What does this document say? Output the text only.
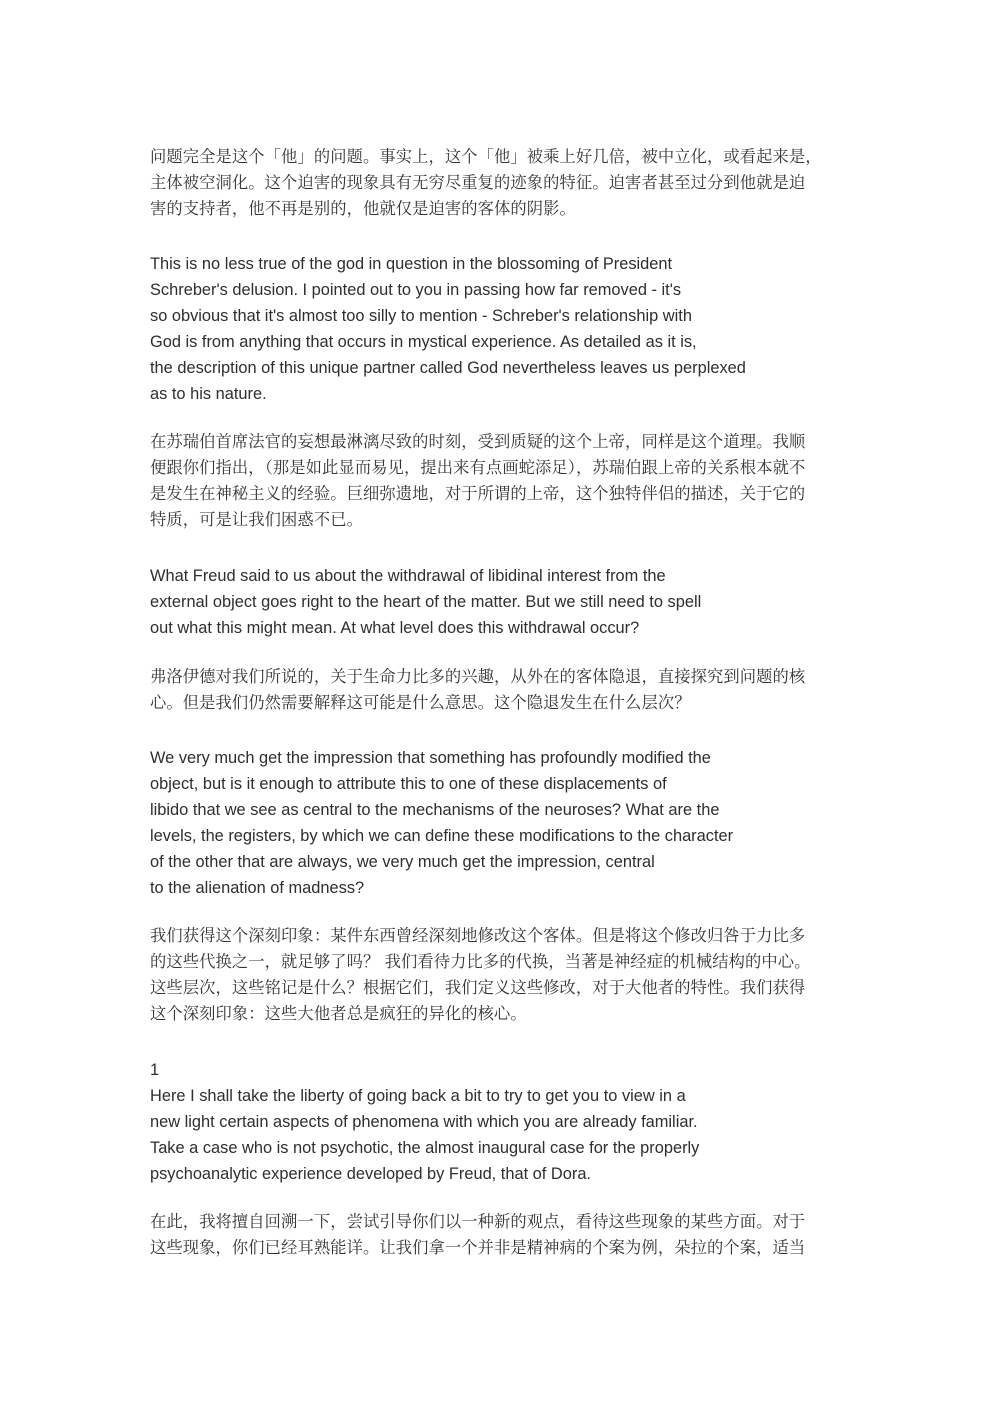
问题完全是这个「他」的问题。事实上，这个「他」被乘上好几倍，被中立化，或看起来是，
主体被空洞化。这个迫害的现象具有无穷尽重复的迹象的特征。迫害者甚至过分到他就是迫
害的支持者，他不再是别的，他就仅是迫害的客体的阴影。
This is no less true of the god in question in the blossoming of President
Schreber's delusion. I pointed out to you in passing how far removed - it's
so obvious that it's almost too silly to mention - Schreber's relationship with
God is from anything that occurs in mystical experience. As detailed as it is,
the description of this unique partner called God nevertheless leaves us perplexed
as to his nature.
在苏瑞伯首席法官的妄想最淋漓尽致的时刻，受到质疑的这个上帝，同样是这个道理。我顺
便跟你们指出，（那是如此显而易见，提出来有点画蛇添足），苏瑞伯跟上帝的关系根本就不
是发生在神秘主义的经验。巨细弥遗地，对于所谓的上帝，这个独特伴侣的描述，关于它的
特质，可是让我们困惑不已。
What Freud said to us about the withdrawal of libidinal interest from the
external object goes right to the heart of the matter. But we still need to spell
out what this might mean. At what level does this withdrawal occur?
弗洛伊德对我们所说的，关于生命力比多的兴趣，从外在的客体隐退，直接探究到问题的核
心。但是我们仍然需要解释这可能是什么意思。这个隐退发生在什么层次？
We very much get the impression that something has profoundly modified the
object, but is it enough to attribute this to one of these displacements of
libido that we see as central to the mechanisms of the neuroses? What are the
levels, the registers, by which we can define these modifications to the character
of the other that are always, we very much get the impression, central
to the alienation of madness?
我们获得这个深刻印象：某件东西曾经深刻地修改这个客体。但是将这个修改归咎于力比多
的这些代换之一，就足够了吗？ 我们看待力比多的代换，当著是神经症的机械结构的中心。
这些层次，这些铭记是什么？根据它们，我们定义这些修改，对于大他者的特性。我们获得
这个深刻印象：这些大他者总是疯狂的异化的核心。
1
Here I shall take the liberty of going back a bit to try to get you to view in a
new light certain aspects of phenomena with which you are already familiar.
Take a case who is not psychotic, the almost inaugural case for the properly
psychoanalytic experience developed by Freud, that of Dora.
在此，我将擅自回溯一下，尝试引导你们以一种新的观点，看待这些现象的某些方面。对于
这些现象，你们已经耳熟能详。让我们拿一个并非是精神病的个案为例，朵拉的个案，适当
